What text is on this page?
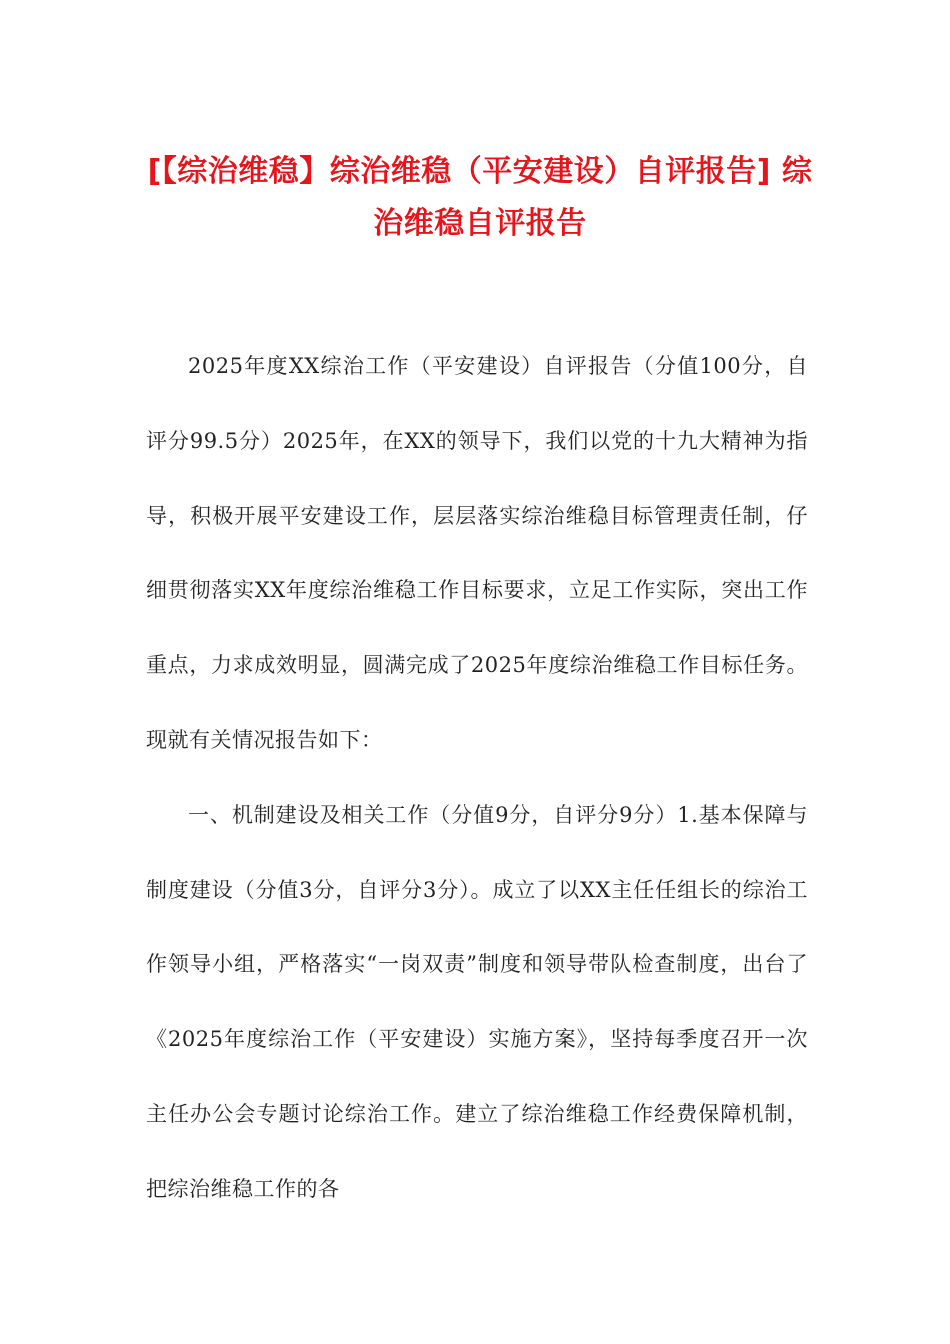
[【综治维稳】综治维稳（平安建设）自评报告] 综治维稳自评报告

2025年度XX综治工作（平安建设）自评报告（分值100分，自评分99.5分）2025年，在XX的领导下，我们以党的十九大精神为指导，积极开展平安建设工作，层层落实综治维稳目标管理责任制，仔细贯彻落实XX年度综治维稳工作目标要求，立足工作实际，突出工作重点，力求成效明显，圆满完成了2025年度综治维稳工作目标任务。现就有关情况报告如下：

一、机制建设及相关工作（分值9分，自评分9分）1.基本保障与制度建设（分值3分，自评分3分）。成立了以XX主任任组长的综治工作领导小组，严格落实“一岗双责”制度和领导带队检查制度，出台了《2025年度综治工作（平安建设）实施方案》，坚持每季度召开一次主任办公会专题讨论综治工作。建立了综治维稳工作经费保障机制，把综治维稳工作的各
